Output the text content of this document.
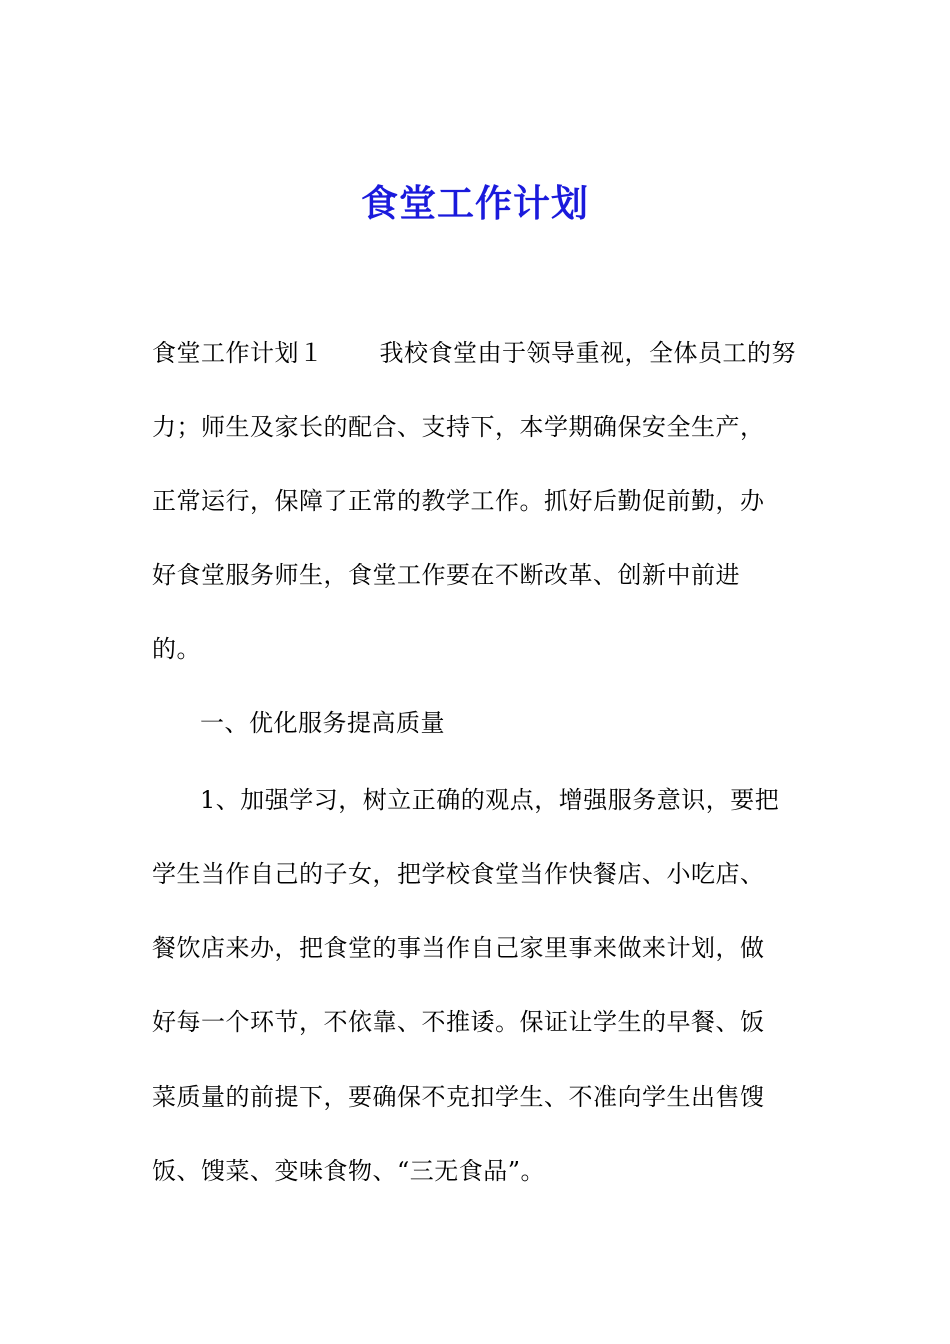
食堂工作计划
食堂工作计划１ 我校食堂由于领导重视，全体员工的努
力；师生及家长的配合、支持下，本学期确保安全生产，
正常运行，保障了正常的教学工作。抓好后勤促前勤，办
好食堂服务师生，食堂工作要在不断改革、创新中前进
的。
一、优化服务提高质量
1、加强学习，树立正确的观点，增强服务意识，要把
学生当作自己的子女，把学校食堂当作快餐店、小吃店、
餐饮店来办，把食堂的事当作自己家里事来做来计划，做
好每一个环节，不依靠、不推诿。保证让学生的早餐、饭
菜质量的前提下，要确保不克扣学生、不准向学生出售馊
饭、馊菜、变味食物、“三无食品”。
